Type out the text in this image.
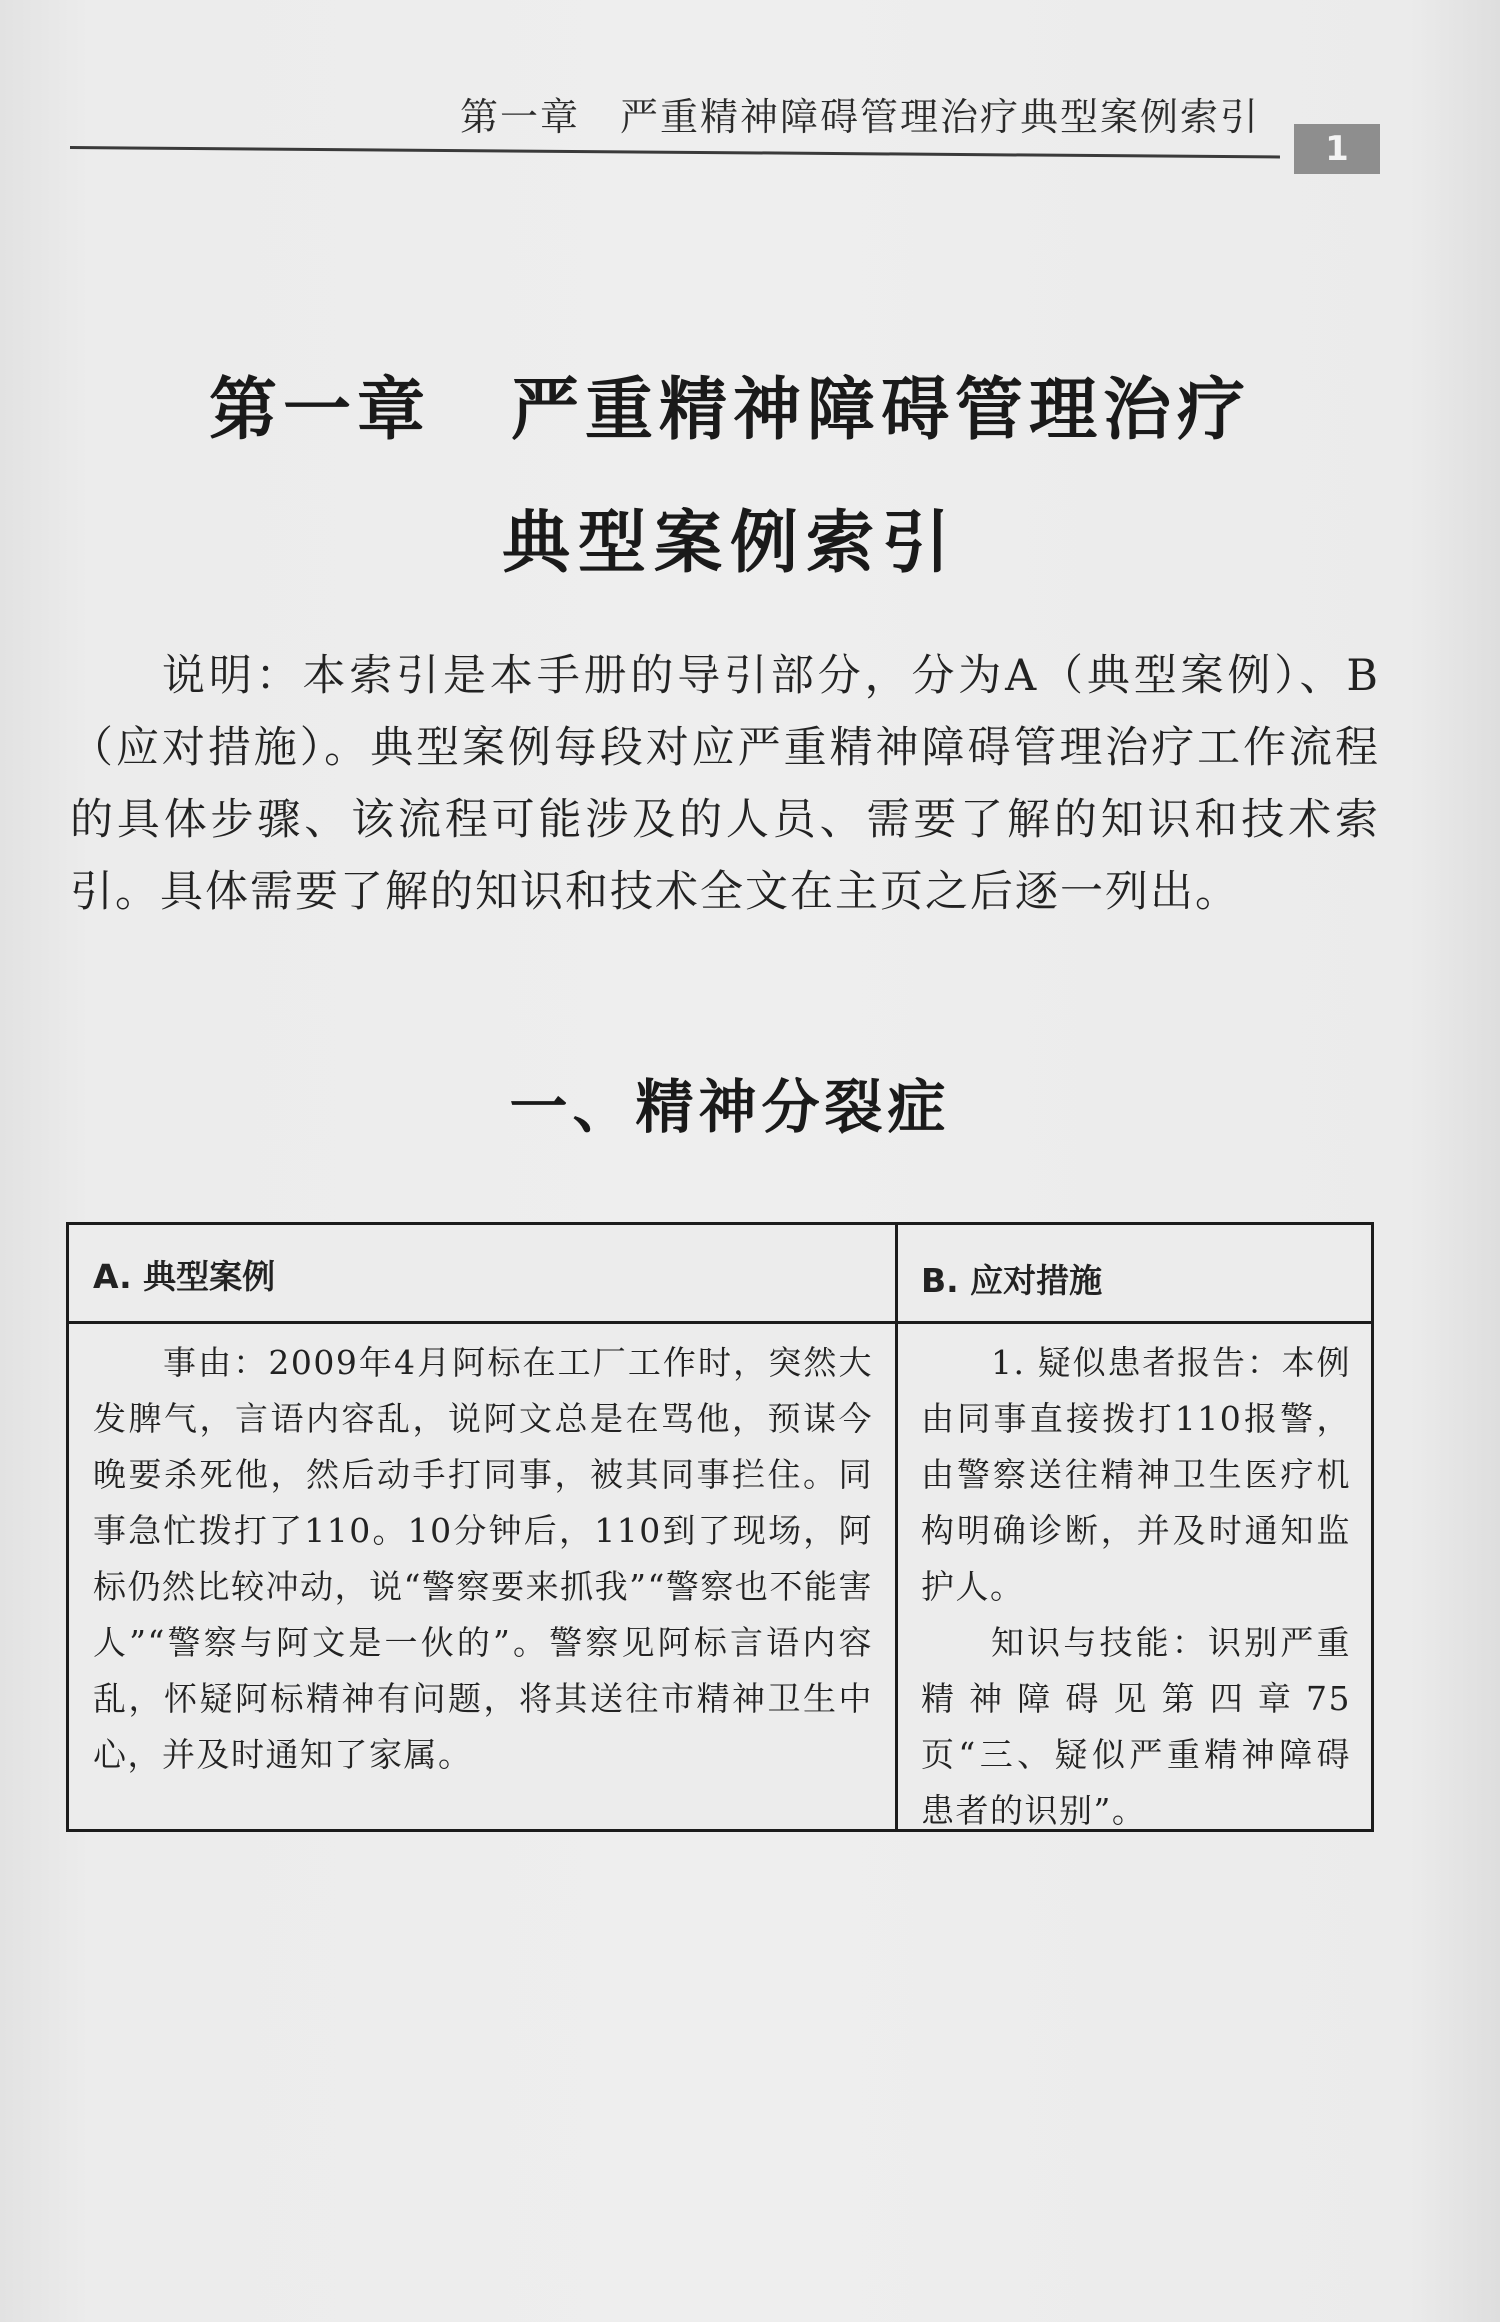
第一章　严重精神障碍管理治疗典型案例索引
1
第一章 严重精神障碍管理治疗
典型案例索引
说明：本索引是本手册的导引部分，分为A（典型案例）、B（应对措施）。典型案例每段对应严重精神障碍管理治疗工作流程的具体步骤、该流程可能涉及的人员、需要了解的知识和技术索引。具体需要了解的知识和技术全文在主页之后逐一列出。
一、精神分裂症
A. 典型案例	B. 应对措施
事由：2009年4月阿标在工厂工作时，突然大发脾气，言语内容乱，说阿文总是在骂他，预谋今晚要杀死他，然后动手打同事，被其同事拦住。同事急忙拨打了110。10分钟后，110到了现场，阿标仍然比较冲动，说“警察要来抓我”“警察也不能害人”“警察与阿文是一伙的”。警察见阿标言语内容乱，怀疑阿标精神有问题，将其送往市精神卫生中心，并及时通知了家属。

1. 疑似患者报告：本例由同事直接拨打110报警，由警察送往精神卫生医疗机构明确诊断，并及时通知监护人。

知识与技能：识别严重精神障碍见第四章75页“三、疑似严重精神障碍患者的识别”。
